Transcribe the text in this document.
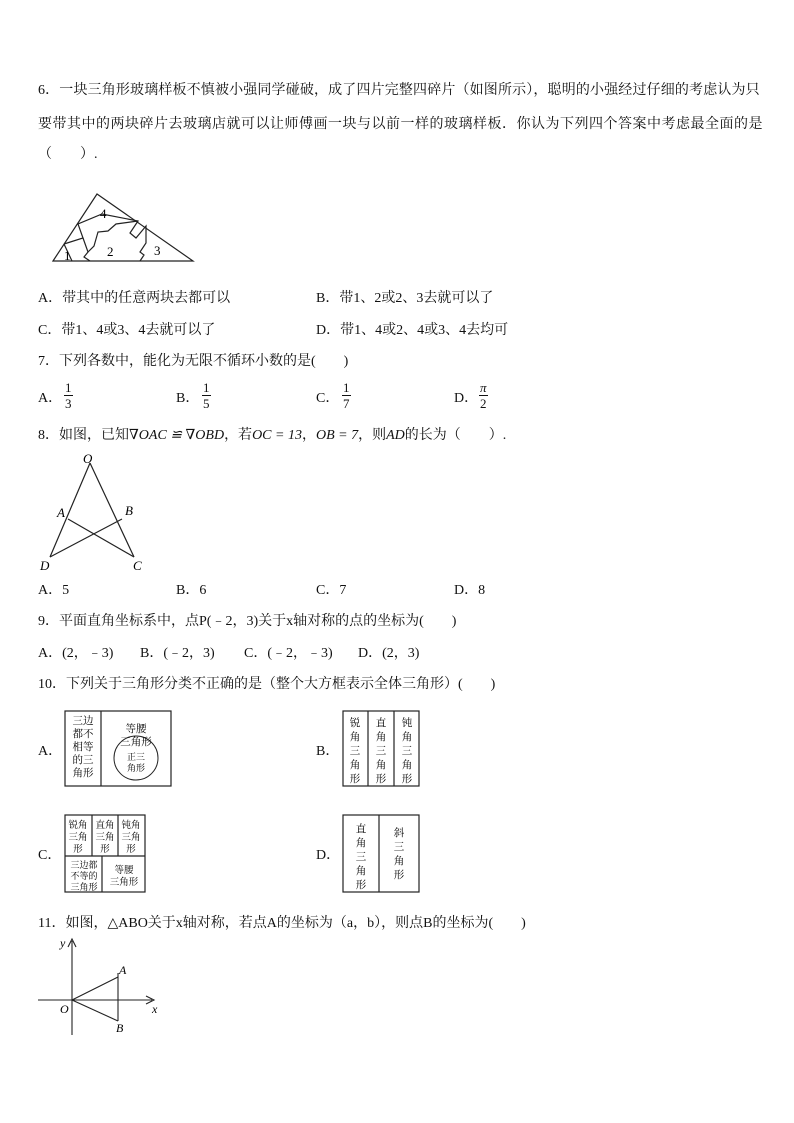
6．一块三角形玻璃样板不慎被小强同学碰破，成了四片完整四碎片（如图所示），聪明的小强经过仔细的考虑认为只
要带其中的两块碎片去玻璃店就可以让师傅画一块与以前一样的玻璃样板．你认为下列四个答案中考虑最全面的是
（　　）.
4
1	2	3
A．带其中的任意两块去都可以	B．带1、2或2、3去就可以了
C．带1、4或3、4去就可以了	D．带1、4或2、4或3、4去均可
7．下列各数中，能化为无限不循环小数的是(　　)
A． $\frac{1}{3}$	B． $\frac{1}{5}$	C． $\frac{1}{7}$	D． $\frac{\pi}{2}$
8．如图，已知∇OAC ≌ ∇OBD，若OC = 13，OB = 7，则AD的长为（　　）.
O
A	B
D	C
A．5	B．6	C．7	D．8
9．平面直角坐标系中，点P(﹣2，3)关于x轴对称的点的坐标为(　　)
A．(2，﹣3) B．(﹣2，3) C．(﹣2，﹣3) D．(2，3)
10．下列关于三角形分类不正确的是（整个大方框表示全体三角形）(　　)
A．
三边
都不
相等
的三
角形
等腰
三角形
正三
角形
B．
锐
角
三
角
形
直
角
三
角
形
钝
角
三
角
形
C．
锐角
三角
形
直角
三角
形
钝角
三角
形
三边都
不等的
三角形
等腰
三角形
D．
直
角
三
角
形
斜
三
角
形
11．如图，△ABO关于x轴对称，若点A的坐标为（a，b），则点B的坐标为(　　)
y
x
O
A
B
